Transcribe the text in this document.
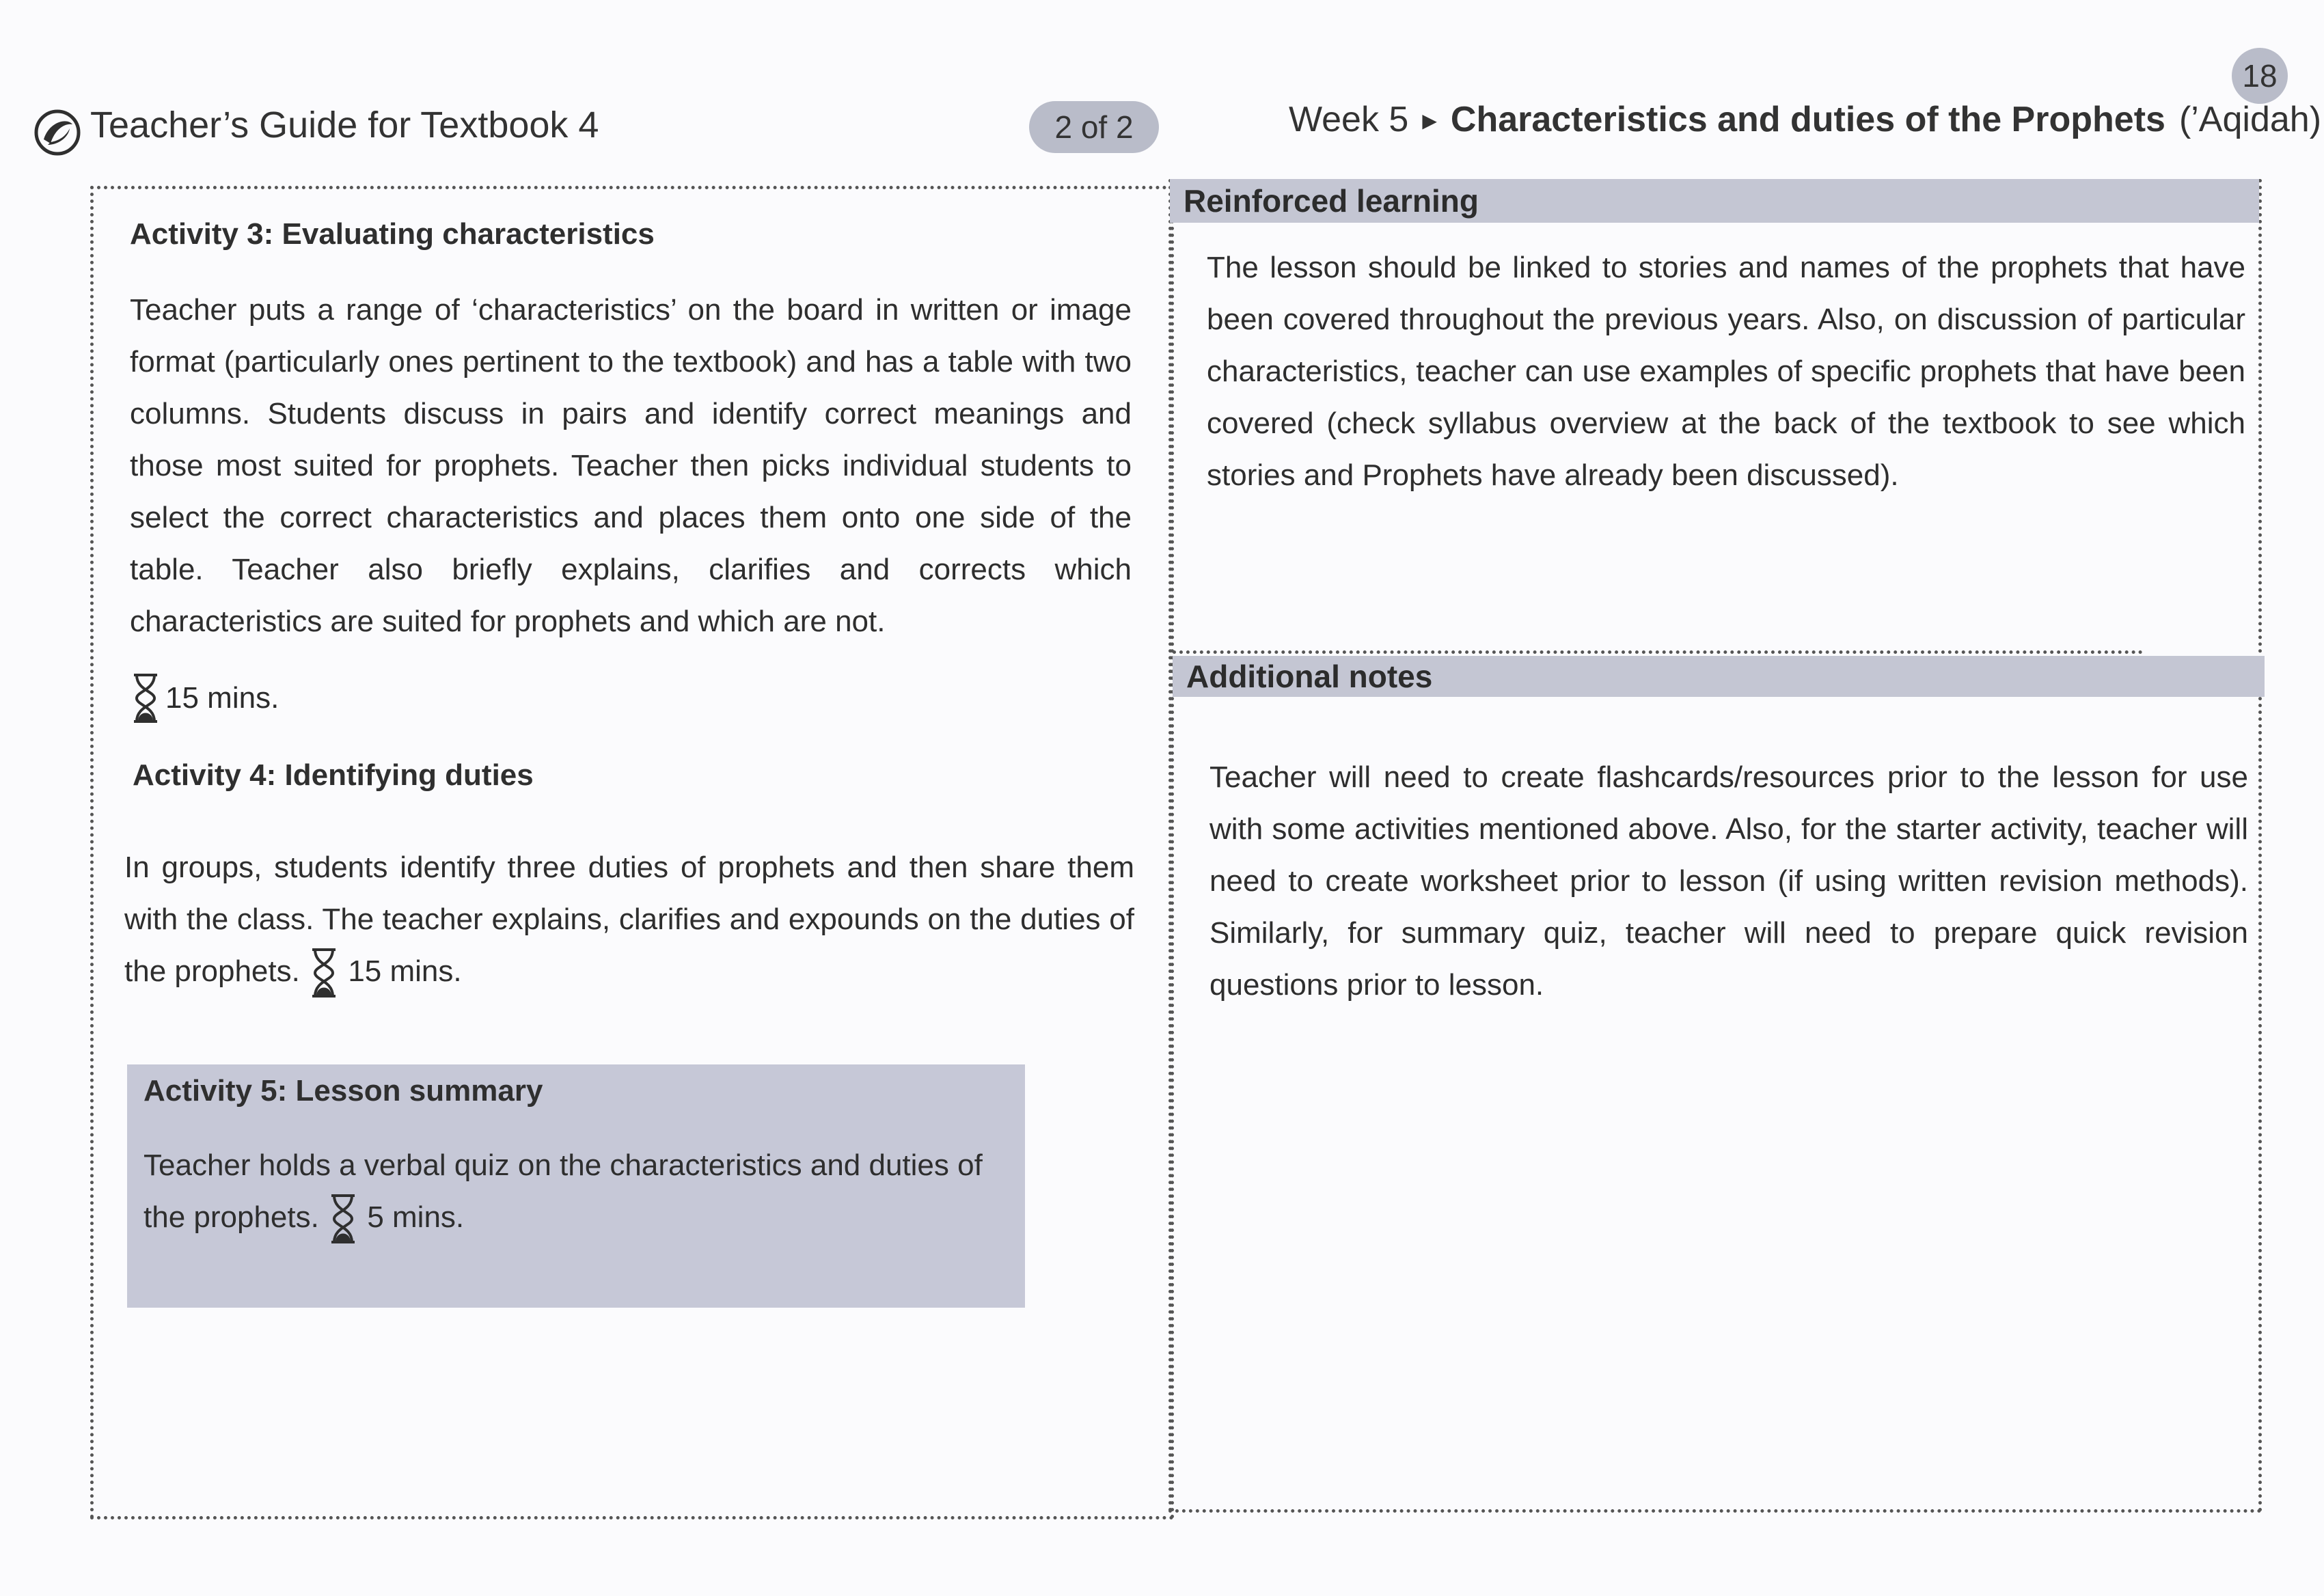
Teacher’s Guide for Textbook 4	2 of 2
18
Week 5 ▶ Characteristics and duties of the Prophets (’Aqidah)
Activity 3: Evaluating characteristics
Teacher puts a range of ‘characteristics’ on the board in written or image format (particularly ones pertinent to the textbook) and has a table with two columns. Students discuss in pairs and identify correct meanings and those most suited for prophets. Teacher then picks individual students to select the correct characteristics and places them onto one side of the table. Teacher also briefly explains, clarifies and corrects which characteristics are suited for prophets and which are not.
15 mins.
Activity 4: Identifying duties
In groups, students identify three duties of prophets and then share them with the class. The teacher explains, clarifies and expounds on the duties of the prophets. 15 mins.
Activity 5: Lesson summary
Teacher holds a verbal quiz on the characteristics and duties of the prophets. 5 mins.
Reinforced learning
The lesson should be linked to stories and names of the prophets that have been covered throughout the previous years. Also, on discussion of particular characteristics, teacher can use examples of specific prophets that have been covered (check syllabus overview at the back of the textbook to see which stories and Prophets have already been discussed).
Additional notes
Teacher will need to create flashcards/resources prior to the lesson for use with some activities mentioned above. Also, for the starter activity, teacher will need to create worksheet prior to lesson (if using written revision methods). Similarly, for summary quiz, teacher will need to prepare quick revision questions prior to lesson.
